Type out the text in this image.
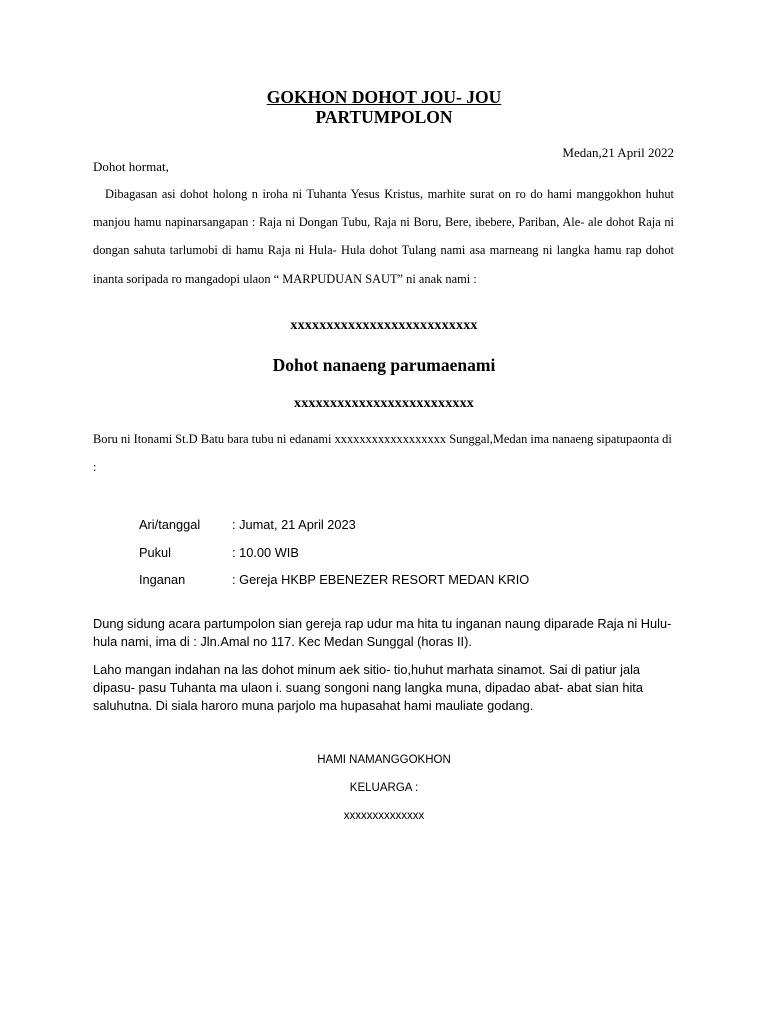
GOKHON DOHOT JOU- JOU
PARTUMPOLON
Medan,21 April 2022
Dohot hormat,
Dibagasan asi dohot holong n iroha ni Tuhanta Yesus Kristus, marhite surat on ro do hami manggokhon huhut manjou hamu napinarsangapan : Raja ni Dongan Tubu, Raja ni Boru, Bere, ibebere, Pariban, Ale- ale dohot Raja ni dongan sahuta tarlumobi di hamu Raja ni Hula- Hula dohot Tulang nami asa marneang ni langka hamu rap dohot inanta soripada ro mangadopi ulaon “ MARPUDUAN SAUT” ni anak nami :
xxxxxxxxxxxxxxxxxxxxxxxxxx
Dohot nanaeng parumaenami
xxxxxxxxxxxxxxxxxxxxxxxxx
Boru ni Itonami St.D Batu bara tubu ni edanami xxxxxxxxxxxxxxxxxx Sunggal,Medan ima nanaeng sipatupaonta di :
Ari/tanggal	: Jumat, 21 April 2023
Pukul	: 10.00 WIB
Inganan	: Gereja HKBP EBENEZER RESORT MEDAN KRIO

Dung sidung acara partumpolon sian gereja rap udur ma hita tu inganan naung diparade Raja ni Hulu- hula nami, ima di : Jln.Amal no 117. Kec Medan Sunggal (horas II).

Laho mangan indahan na las dohot minum aek sitio- tio,huhut marhata sinamot. Sai di patiur jala dipasu- pasu Tuhanta ma ulaon i. suang songoni nang langka muna, dipadao abat- abat sian hita saluhutna. Di siala haroro muna parjolo ma hupasahat hami mauliate godang.

HAMI NAMANGGOKHON
KELUARGA :
xxxxxxxxxxxxxx
